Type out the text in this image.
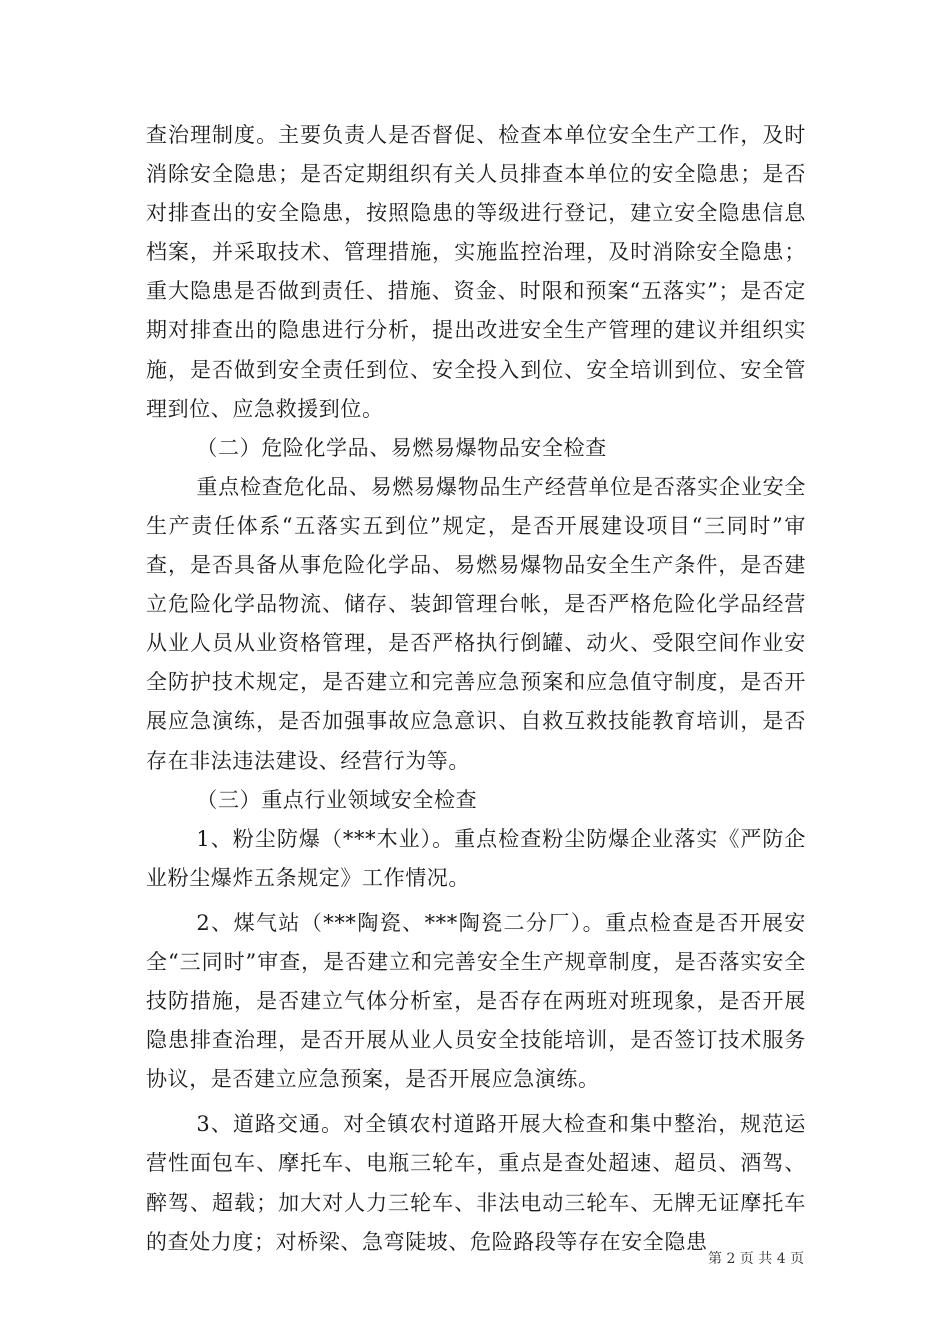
查治理制度。主要负责人是否督促、检查本单位安全生产工作，及时消除安全隐患；是否定期组织有关人员排查本单位的安全隐患；是否对排查出的安全隐患，按照隐患的等级进行登记，建立安全隐患信息档案，并采取技术、管理措施，实施监控治理，及时消除安全隐患；重大隐患是否做到责任、措施、资金、时限和预案“五落实”；是否定期对排查出的隐患进行分析，提出改进安全生产管理的建议并组织实施，是否做到安全责任到位、安全投入到位、安全培训到位、安全管理到位、应急救援到位。

（二）危险化学品、易燃易爆物品安全检查

重点检查危化品、易燃易爆物品生产经营单位是否落实企业安全生产责任体系“五落实五到位”规定，是否开展建设项目“三同时”审查，是否具备从事危险化学品、易燃易爆物品安全生产条件，是否建立危险化学品物流、储存、装卸管理台帐，是否严格危险化学品经营从业人员从业资格管理，是否严格执行倒罐、动火、受限空间作业安全防护技术规定，是否建立和完善应急预案和应急值守制度，是否开展应急演练，是否加强事故应急意识、自救互救技能教育培训，是否存在非法违法建设、经营行为等。

（三）重点行业领域安全检查

1、粉尘防爆（***木业）。重点检查粉尘防爆企业落实《严防企业粉尘爆炸五条规定》工作情况。

2、煤气站（***陶瓷、***陶瓷二分厂）。重点检查是否开展安全“三同时”审查，是否建立和完善安全生产规章制度，是否落实安全技防措施，是否建立气体分析室，是否存在两班对班现象，是否开展隐患排查治理，是否开展从业人员安全技能培训，是否签订技术服务协议，是否建立应急预案，是否开展应急演练。

3、道路交通。对全镇农村道路开展大检查和集中整治，规范运营性面包车、摩托车、电瓶三轮车，重点是查处超速、超员、酒驾、醉驾、超载；加大对人力三轮车、非法电动三轮车、无牌无证摩托车的查处力度；对桥梁、急弯陡坡、危险路段等存在安全隐患

第 2 页 共 4 页
